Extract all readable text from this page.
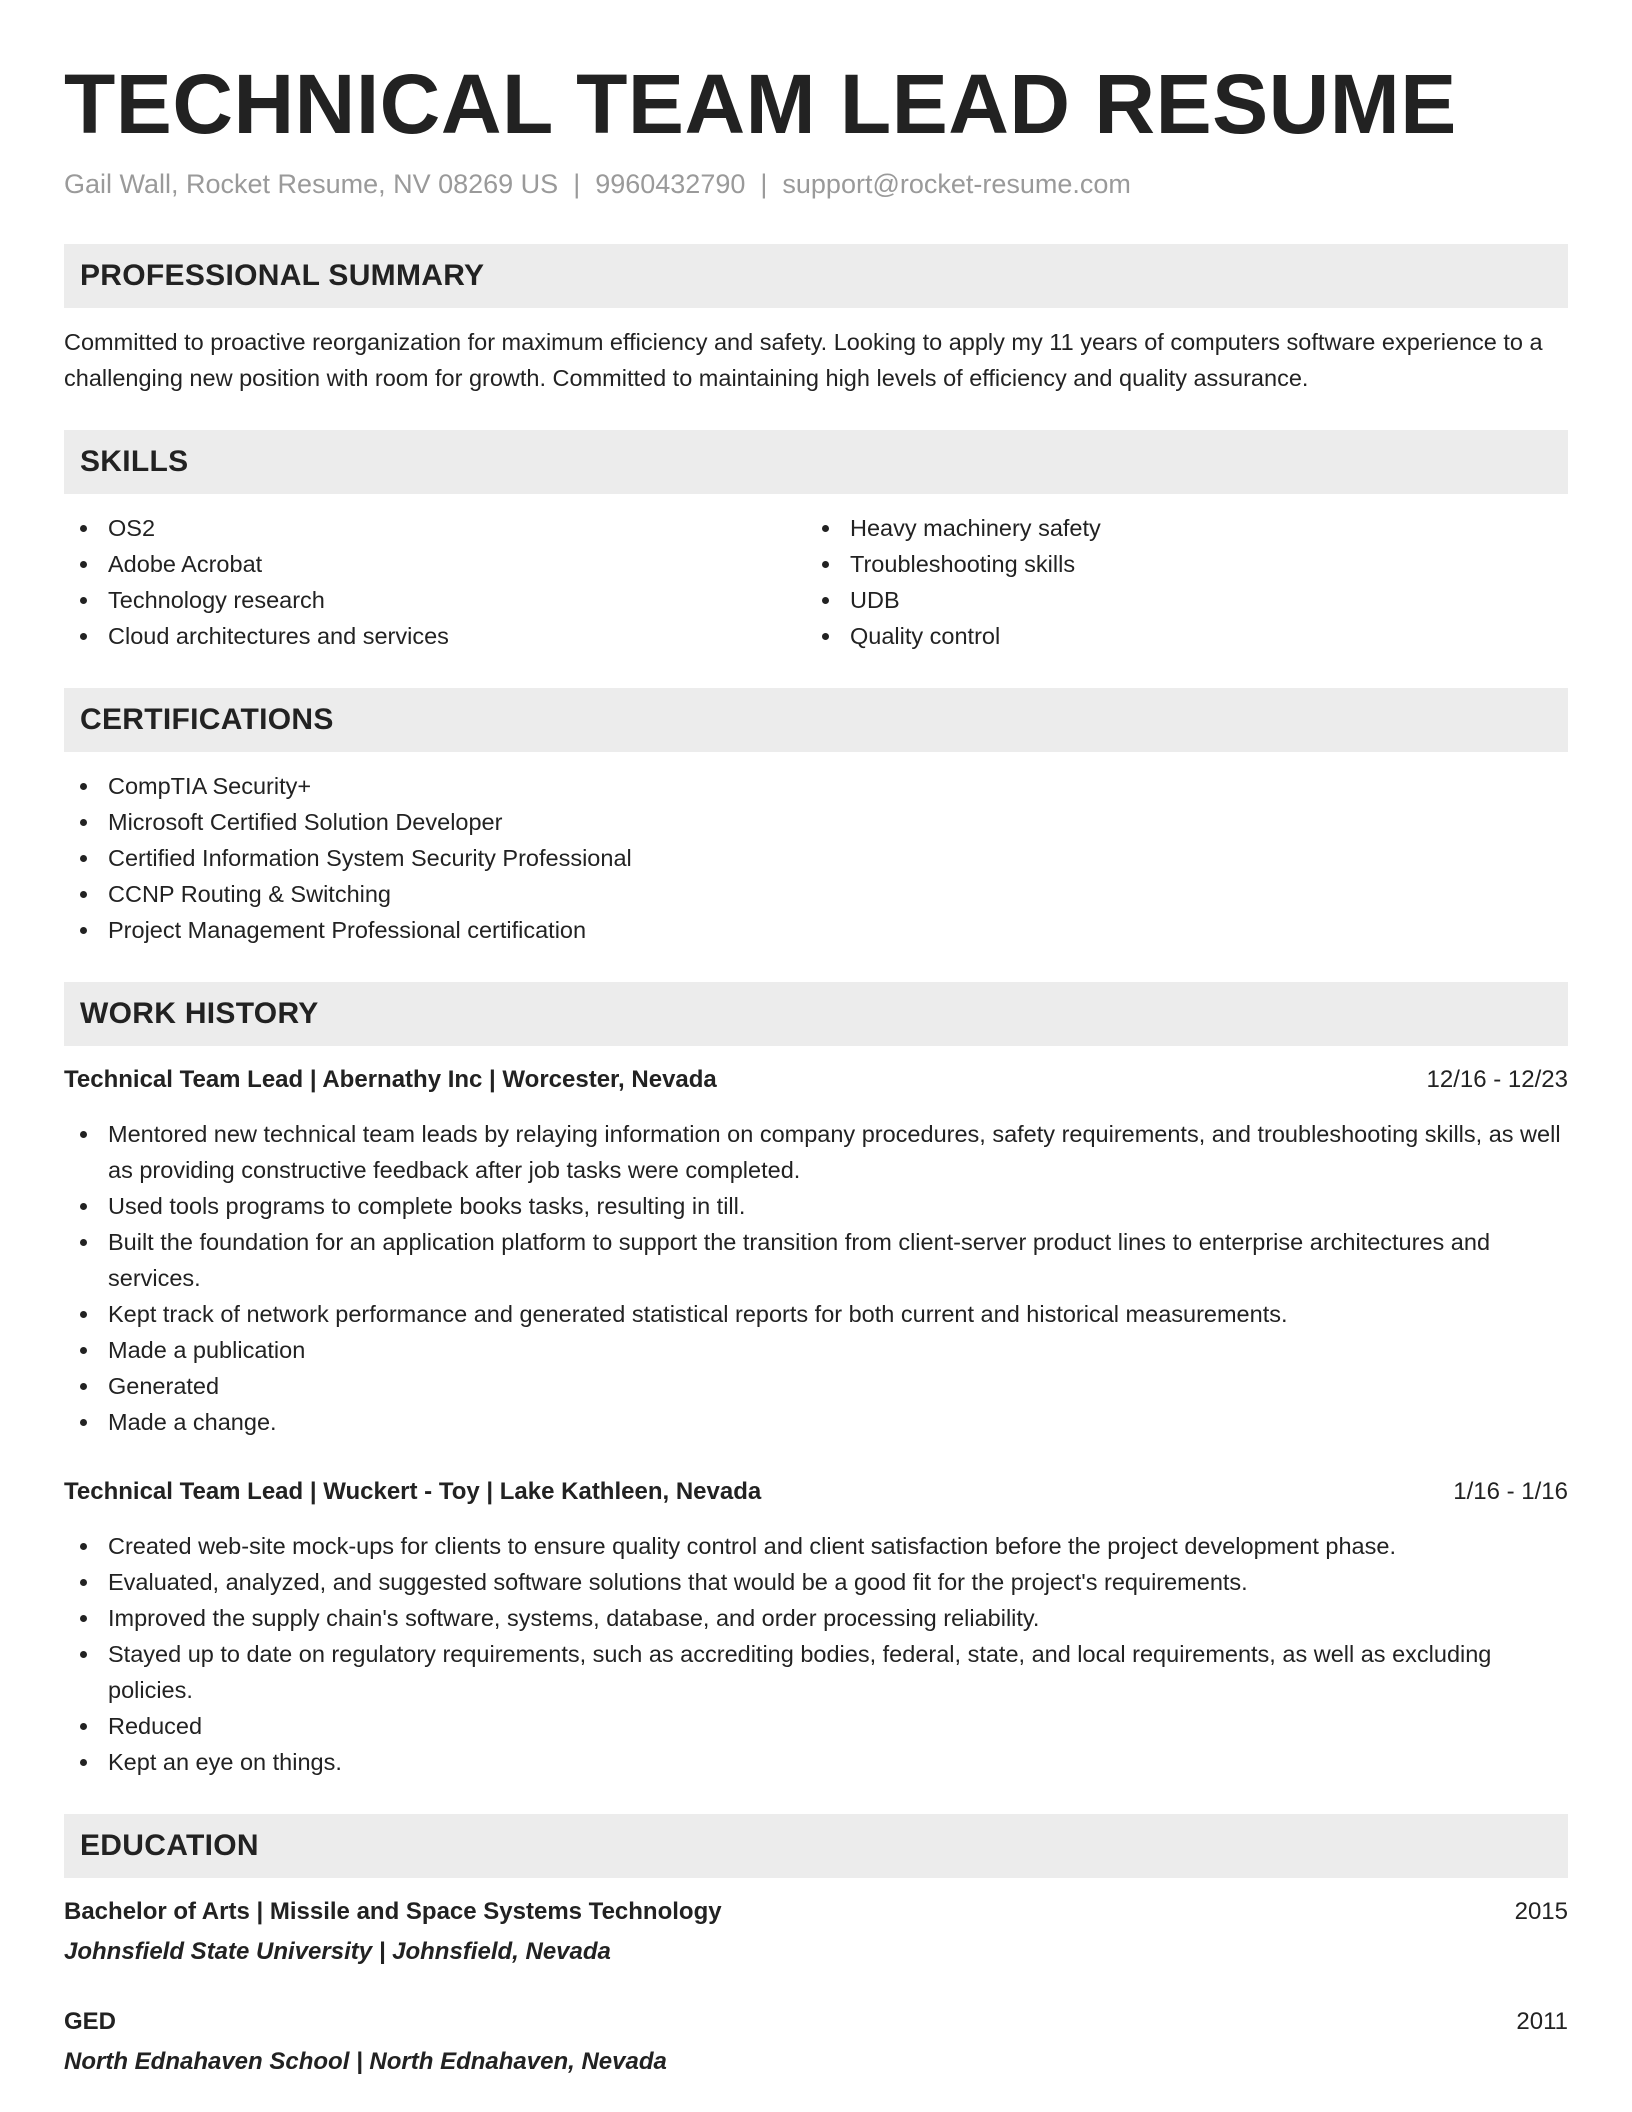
TECHNICAL TEAM LEAD RESUME
Gail Wall, Rocket Resume, NV 08269 US | 9960432790 | support@rocket-resume.com
PROFESSIONAL SUMMARY

Committed to proactive reorganization for maximum efficiency and safety. Looking to apply my 11 years of computers software experience to a challenging new position with room for growth. Committed to maintaining high levels of efficiency and quality assurance.

SKILLS
OS2
Adobe Acrobat
Technology research
Cloud architectures and services
Heavy machinery safety
Troubleshooting skills
UDB
Quality control
CERTIFICATIONS
CompTIA Security+
Microsoft Certified Solution Developer
Certified Information System Security Professional
CCNP Routing & Switching
Project Management Professional certification
WORK HISTORY
Technical Team Lead | Abernathy Inc | Worcester, Nevada	12/16 - 12/23
Mentored new technical team leads by relaying information on company procedures, safety requirements, and troubleshooting skills, as well as providing constructive feedback after job tasks were completed.
Used tools programs to complete books tasks, resulting in till.
Built the foundation for an application platform to support the transition from client-server product lines to enterprise architectures and services.
Kept track of network performance and generated statistical reports for both current and historical measurements.
Made a publication
Generated
Made a change.
Technical Team Lead | Wuckert - Toy | Lake Kathleen, Nevada	1/16 - 1/16
Created web-site mock-ups for clients to ensure quality control and client satisfaction before the project development phase.
Evaluated, analyzed, and suggested software solutions that would be a good fit for the project's requirements.
Improved the supply chain's software, systems, database, and order processing reliability.
Stayed up to date on regulatory requirements, such as accrediting bodies, federal, state, and local requirements, as well as excluding policies.
Reduced
Kept an eye on things.
EDUCATION
Bachelor of Arts | Missile and Space Systems Technology	2015
Johnsfield State University | Johnsfield, Nevada
GED	2011
North Ednahaven School | North Ednahaven, Nevada
